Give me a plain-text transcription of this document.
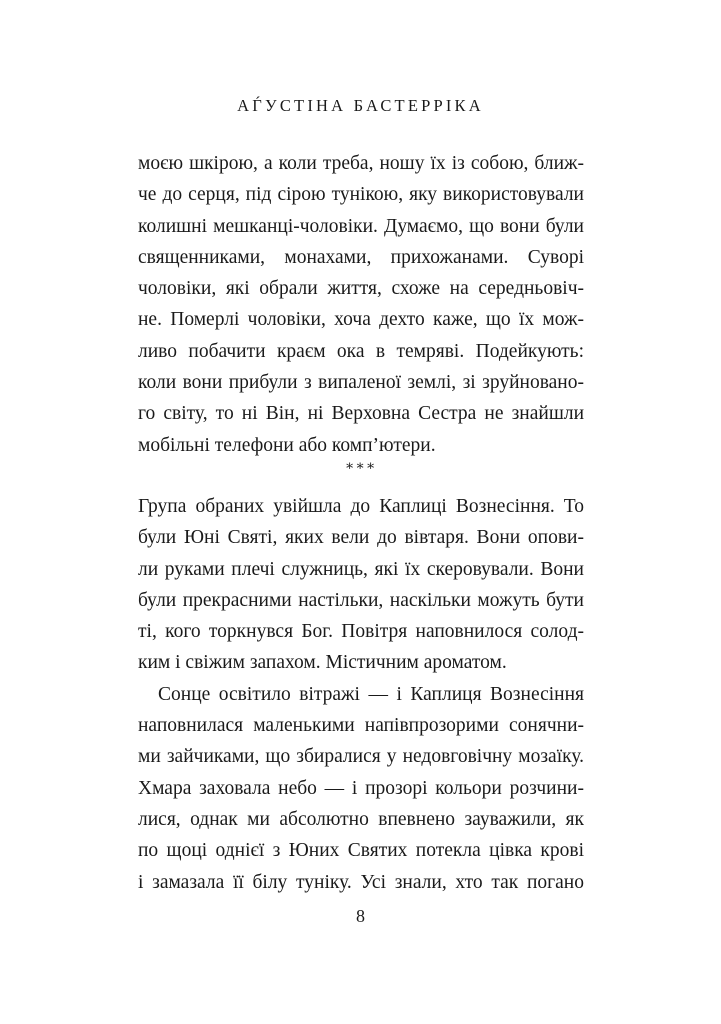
АЃУСТІНА БАСТЕРРІКА
моєю шкірою, а коли треба, ношу їх із собою, ближ-
че до серця, під сірою тунікою, яку використовували
колишні мешканці-чоловіки. Думаємо, що вони були
священниками, монахами, прихожанами. Суворі
чоловіки, які обрали життя, схоже на середньовіч-
не. Померлі чоловіки, хоча дехто каже, що їх мож-
ливо побачити краєм ока в темряві. Подейкують:
коли вони прибули з випаленої землі, зі зруйновано-
го світу, то ні Він, ні Верховна Сестра не знайшли
мобільні телефони або комп’ютери.
∗∗∗
Група обраних увійшла до Каплиці Вознесіння. То
були Юні Святі, яких вели до вівтаря. Вони опови-
ли руками плечі служниць, які їх скеровували. Вони
були прекрасними настільки, наскільки можуть бути
ті, кого торкнувся Бог. Повітря наповнилося солод-
ким і свіжим запахом. Містичним ароматом.
Сонце освітило вітражі — і Каплиця Вознесіння
наповнилася маленькими напівпрозорими сонячни-
ми зайчиками, що збиралися у недовговічну мозаїку.
Хмара заховала небо — і прозорі кольори розчини-
лися, однак ми абсолютно впевнено зауважили, як
по щоці однієї з Юних Святих потекла цівка крові
і замазала її білу туніку. Усі знали, хто так погано
8
